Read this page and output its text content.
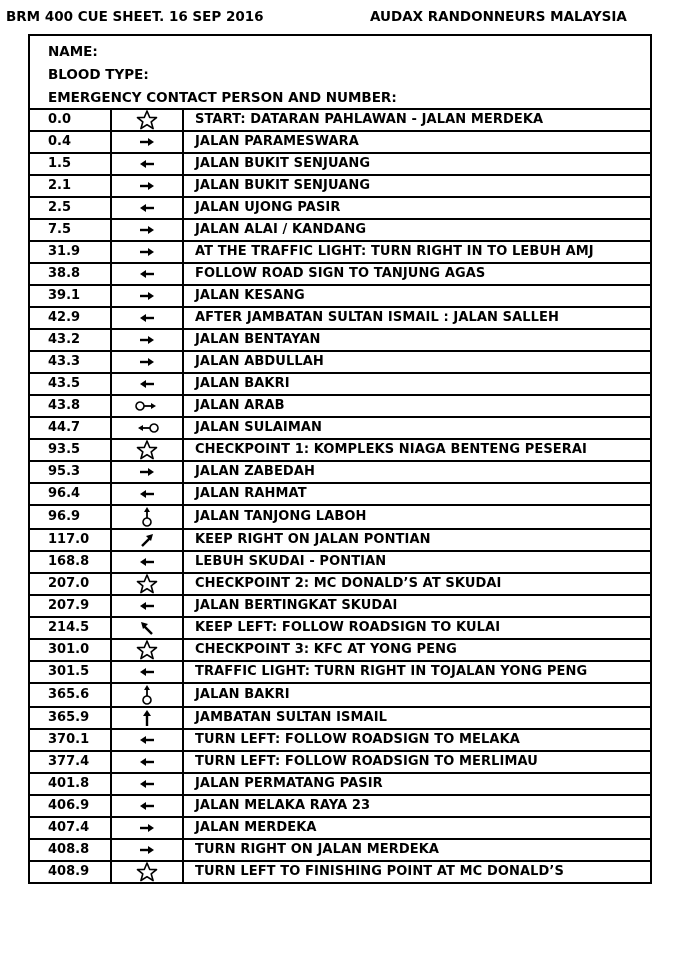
BRM 400 CUE SHEET. 16 SEP 2016	AUDAX RANDONNEURS MALAYSIA
NAME:
BLOOD TYPE:
EMERGENCY CONTACT PERSON AND NUMBER:
0.0		START: DATARAN PAHLAWAN - JALAN MERDEKA
0.4		JALAN PARAMESWARA
1.5		JALAN BUKIT SENJUANG
2.1		JALAN BUKIT SENJUANG
2.5		JALAN UJONG PASIR
7.5		JALAN ALAI / KANDANG
31.9		AT THE TRAFFIC LIGHT: TURN RIGHT IN TO LEBUH AMJ
38.8		FOLLOW ROAD SIGN TO TANJUNG AGAS
39.1		JALAN KESANG
42.9		AFTER JAMBATAN SULTAN ISMAIL : JALAN SALLEH
43.2		JALAN BENTAYAN
43.3		JALAN ABDULLAH
43.5		JALAN BAKRI
43.8		JALAN ARAB
44.7		JALAN SULAIMAN
93.5		CHECKPOINT 1: KOMPLEKS NIAGA BENTENG PESERAI
95.3		JALAN ZABEDAH
96.4		JALAN RAHMAT
96.9		JALAN TANJONG LABOH
117.0		KEEP RIGHT ON JALAN PONTIAN
168.8		LEBUH SKUDAI - PONTIAN
207.0		CHECKPOINT 2: MC DONALD’S AT SKUDAI
207.9		JALAN BERTINGKAT SKUDAI
214.5		KEEP LEFT: FOLLOW ROADSIGN TO KULAI
301.0		CHECKPOINT 3: KFC AT YONG PENG
301.5		TRAFFIC LIGHT: TURN RIGHT IN TOJALAN YONG PENG
365.6		JALAN BAKRI
365.9		JAMBATAN SULTAN ISMAIL
370.1		TURN LEFT: FOLLOW ROADSIGN TO MELAKA
377.4		TURN LEFT: FOLLOW ROADSIGN TO MERLIMAU
401.8		JALAN PERMATANG PASIR
406.9		JALAN MELAKA RAYA 23
407.4		JALAN MERDEKA
408.8		TURN RIGHT ON JALAN MERDEKA
408.9		TURN LEFT TO FINISHING POINT AT MC DONALD’S
